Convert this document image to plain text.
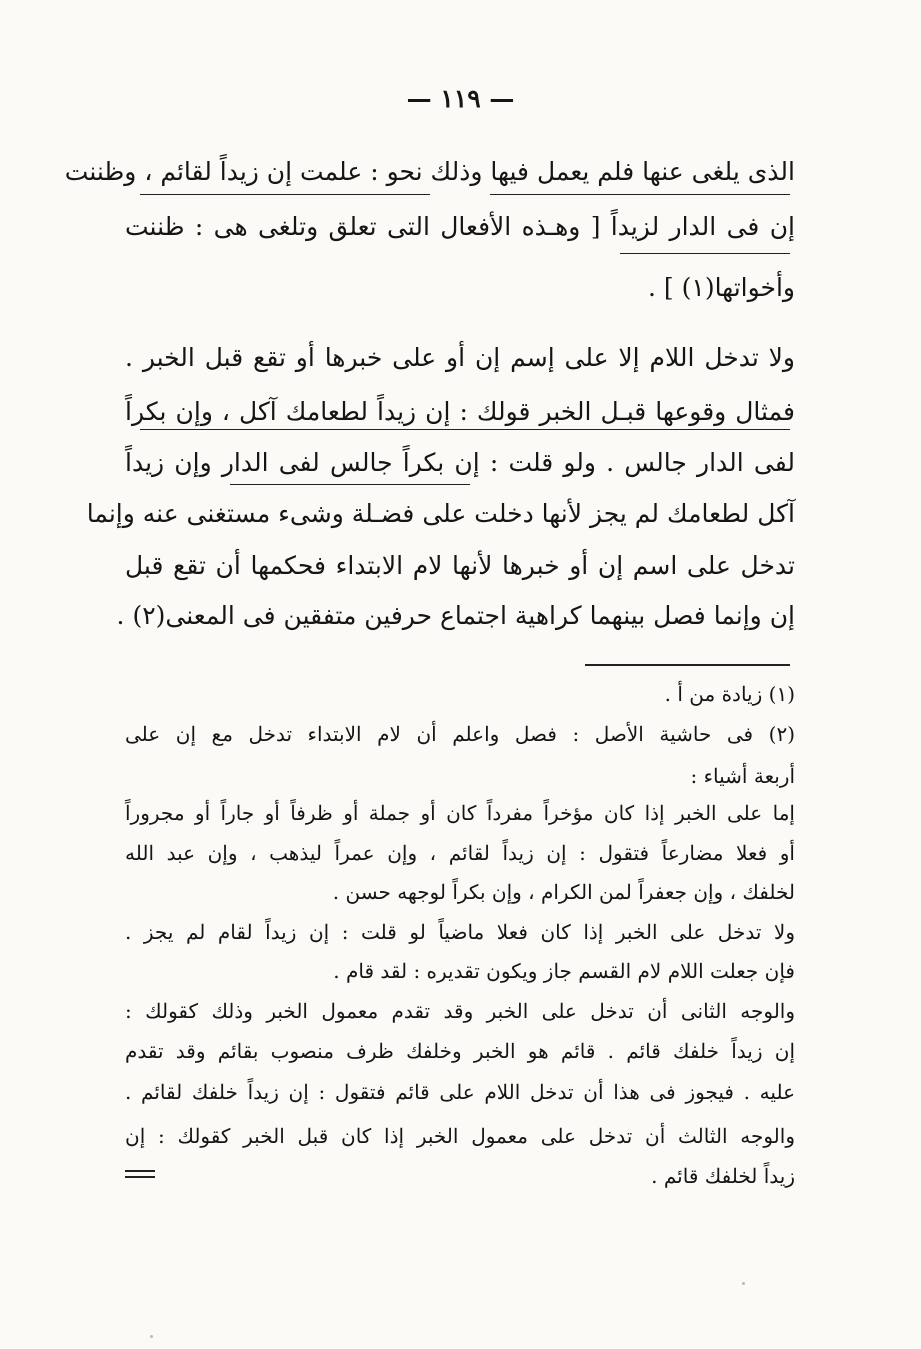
— ١١٩ —
الذى يلغى عنها فلم يعمل فيها وذلك نحو : علمت إن زيداً لقائم ، وظننت
إن فى الدار لزيداً [ وهـذه الأفعال التى تعلق وتلغى هى : ظننت
وأخواتها(١) ] .
ولا تدخل اللام إلا على إسم إن أو على خبرها أو تقع قبل الخبر .
فمثال وقوعها قبـل الخبر قولك : إن زيداً لطعامك آكل ، وإن بكراً
لفى الدار جالس . ولو قلت : إن بكراً جالس لفى الدار وإن زيداً
آكل لطعامك لم يجز لأنها دخلت على فضـلة وشىء مستغنى عنه وإنما
تدخل على اسم إن أو خبرها لأنها لام الابتداء فحكمها أن تقع قبل
إن وإنما فصل بينهما كراهية اجتماع حرفين متفقين فى المعنى(٢) .
(١) زيادة من أ .
(٢) فى حاشية الأصل : فصل واعلم أن لام الابتداء تدخل مع إن على
أربعة أشياء :
إما على الخبر إذا كان مؤخراً مفرداً كان أو جملة أو ظرفاً أو جاراً أو مجروراً
أو فعلا مضارعاً فتقول : إن زيداً لقائم ، وإن عمراً ليذهب ، وإن عبد الله
لخلفك ، وإن جعفراً لمن الكرام ، وإن بكراً لوجهه حسن .
ولا تدخل على الخبر إذا كان فعلا ماضياً لو قلت : إن زيداً لقام لم يجز .
فإن جعلت اللام لام القسم جاز ويكون تقديره : لقد قام .
والوجه الثانى أن تدخل على الخبر وقد تقدم معمول الخبر وذلك كقولك :
إن زيداً خلفك قائم . قائم هو الخبر وخلفك ظرف منصوب بقائم وقد تقدم
عليه . فيجوز فى هذا أن تدخل اللام على قائم فتقول : إن زيداً خلفك لقائم .
والوجه الثالث أن تدخل على معمول الخبر إذا كان قبل الخبر كقولك : إن
زيداً لخلفك قائم .
